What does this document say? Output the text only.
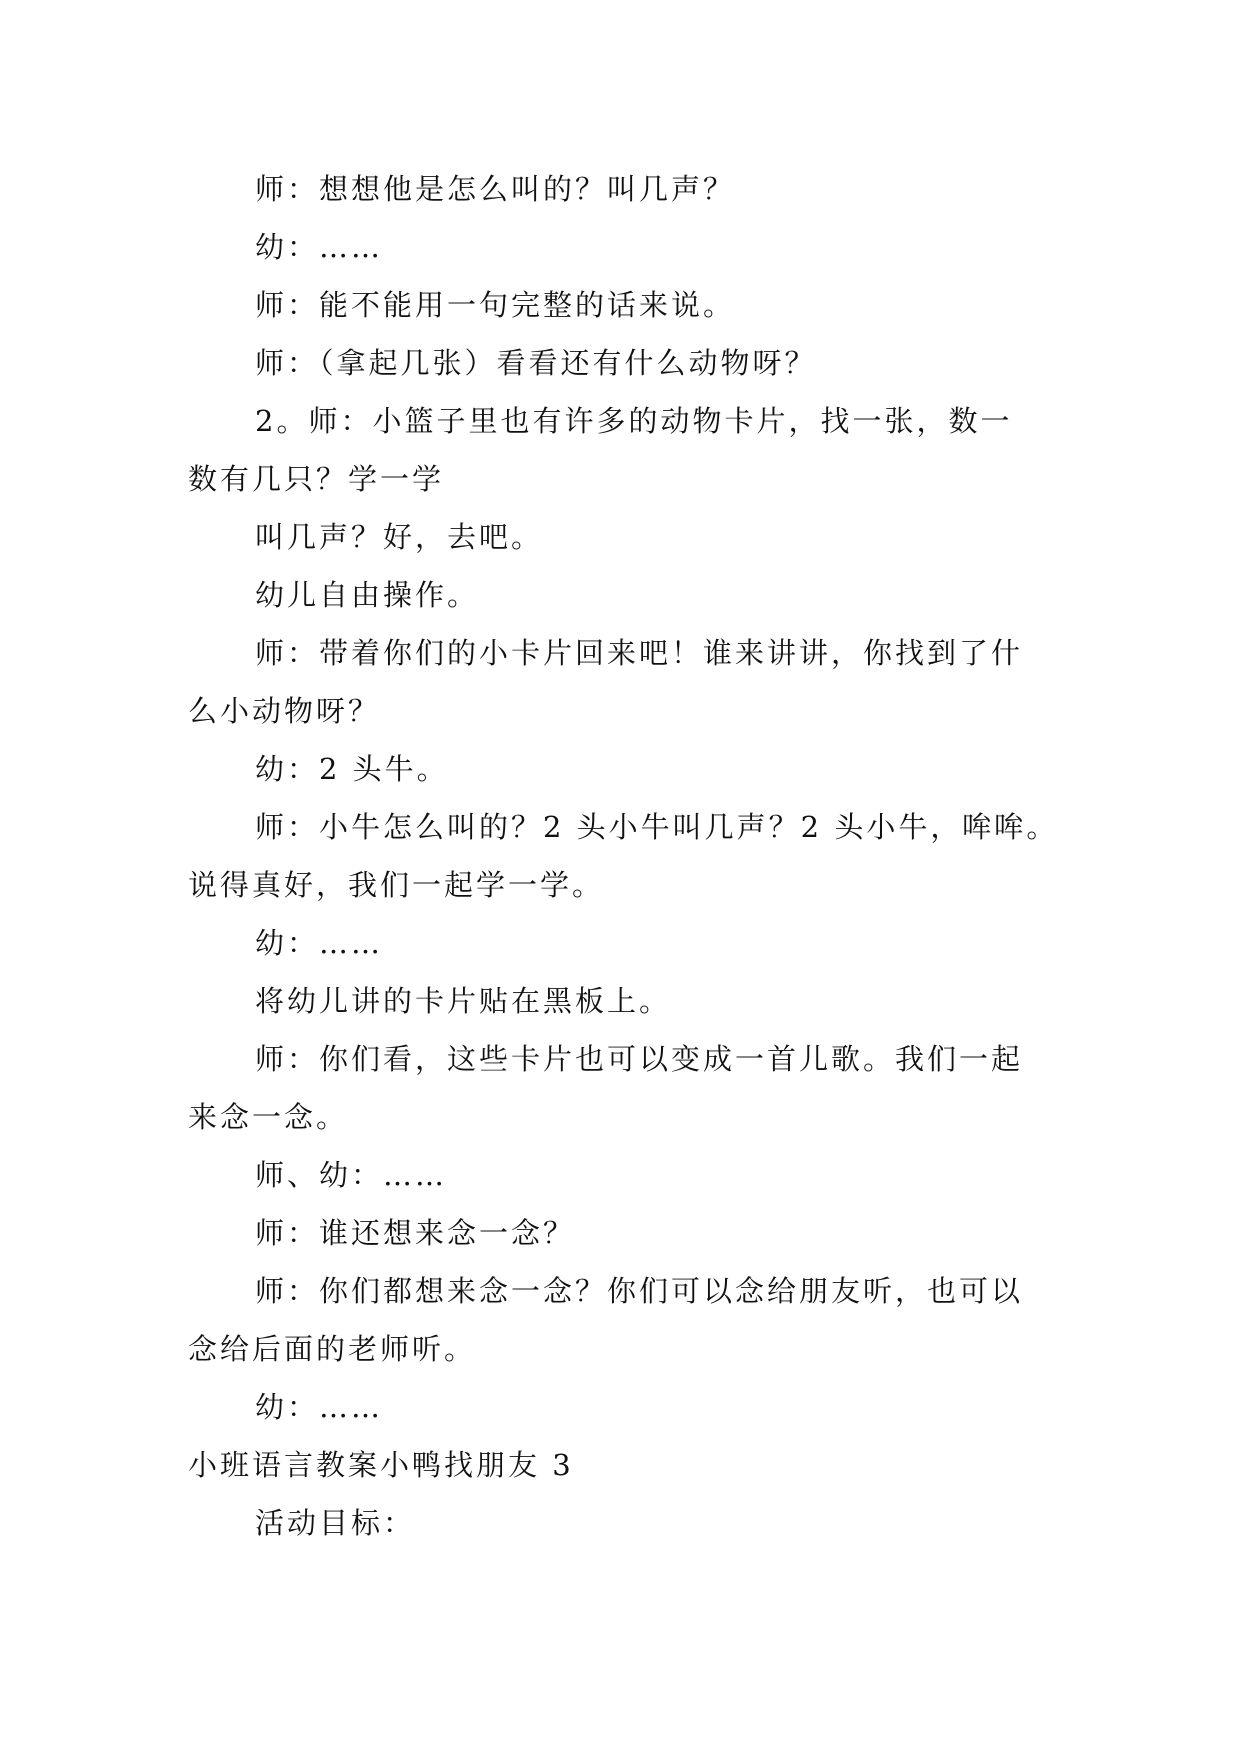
师：想想他是怎么叫的？叫几声？

幼：……

师：能不能用一句完整的话来说。

师：（拿起几张）看看还有什么动物呀？

2。师：小篮子里也有许多的动物卡片，找一张，数一

数有几只？学一学

叫几声？好，去吧。

幼儿自由操作。

师：带着你们的小卡片回来吧！谁来讲讲，你找到了什

么小动物呀？

幼：2 头牛。

师：小牛怎么叫的？2 头小牛叫几声？2 头小牛，哞哞。

说得真好，我们一起学一学。

幼：……

将幼儿讲的卡片贴在黑板上。

师：你们看，这些卡片也可以变成一首儿歌。我们一起

来念一念。

师、幼：……

师：谁还想来念一念？

师：你们都想来念一念？你们可以念给朋友听，也可以

念给后面的老师听。

幼：……

小班语言教案小鸭找朋友 3

活动目标：
